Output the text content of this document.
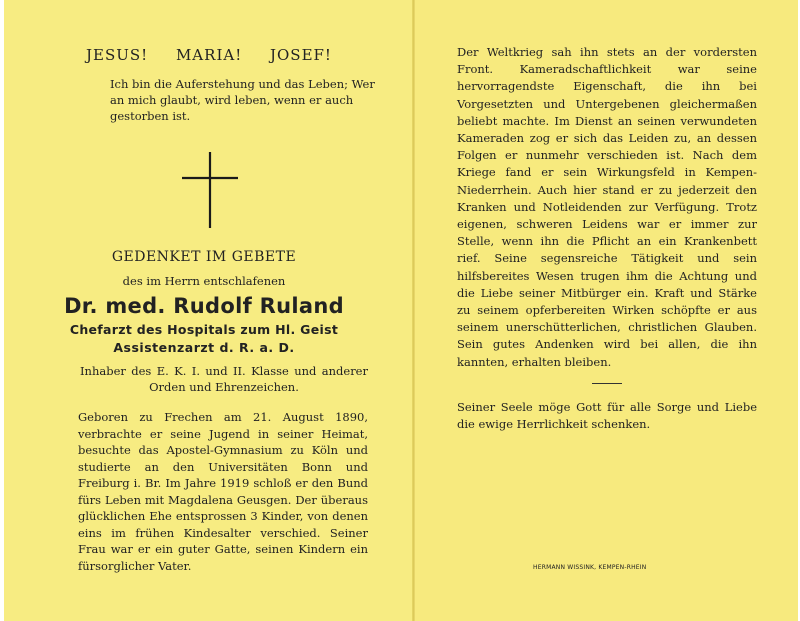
JESUS! MARIA! JOSEF!
Ich bin die Auferstehung und das Leben; Wer an mich glaubt, wird leben, wenn er auch gestorben ist.
GEDENKET IM GEBETE
des im Herrn entschlafenen
Dr. med. Rudolf Ruland
Chefarzt des Hospitals zum Hl. Geist
Assistenzarzt d. R. a. D.
Inhaber des E. K. I. und II. Klasse und anderer Orden und Ehrenzeichen.
Geboren zu Frechen am 21. August 1890, verbrachte er seine Jugend in seiner Heimat, besuchte das Apostel-Gymnasium zu Köln und studierte an den Universitäten Bonn und Freiburg i. Br. Im Jahre 1919 schloß er den Bund fürs Leben mit Magdalena Geusgen. Der überaus glücklichen Ehe entsprossen 3 Kinder, von denen eins im frühen Kindesalter verschied. Seiner Frau war er ein guter Gatte, seinen Kindern ein fürsorglicher Vater.
Der Weltkrieg sah ihn stets an der vordersten Front. Kameradschaftlichkeit war seine hervorragendste Eigenschaft, die ihn bei Vorgesetzten und Untergebenen gleichermaßen beliebt machte. Im Dienst an seinen verwundeten Kameraden zog er sich das Leiden zu, an dessen Folgen er nunmehr verschieden ist. Nach dem Kriege fand er sein Wirkungsfeld in Kempen-Niederrhein. Auch hier stand er zu jederzeit den Kranken und Notleidenden zur Verfügung. Trotz eigenen, schweren Leidens war er immer zur Stelle, wenn ihn die Pflicht an ein Krankenbett rief. Seine segensreiche Tätigkeit und sein hilfsbereites Wesen trugen ihm die Achtung und die Liebe seiner Mitbürger ein. Kraft und Stärke zu seinem opferbereiten Wirken schöpfte er aus seinem unerschütterlichen, christlichen Glauben. Sein gutes Andenken wird bei allen, die ihn kannten, erhalten bleiben.
Seiner Seele möge Gott für alle Sorge und Liebe die ewige Herrlichkeit schenken.
HERMANN WISSINK, KEMPEN-RHEIN
